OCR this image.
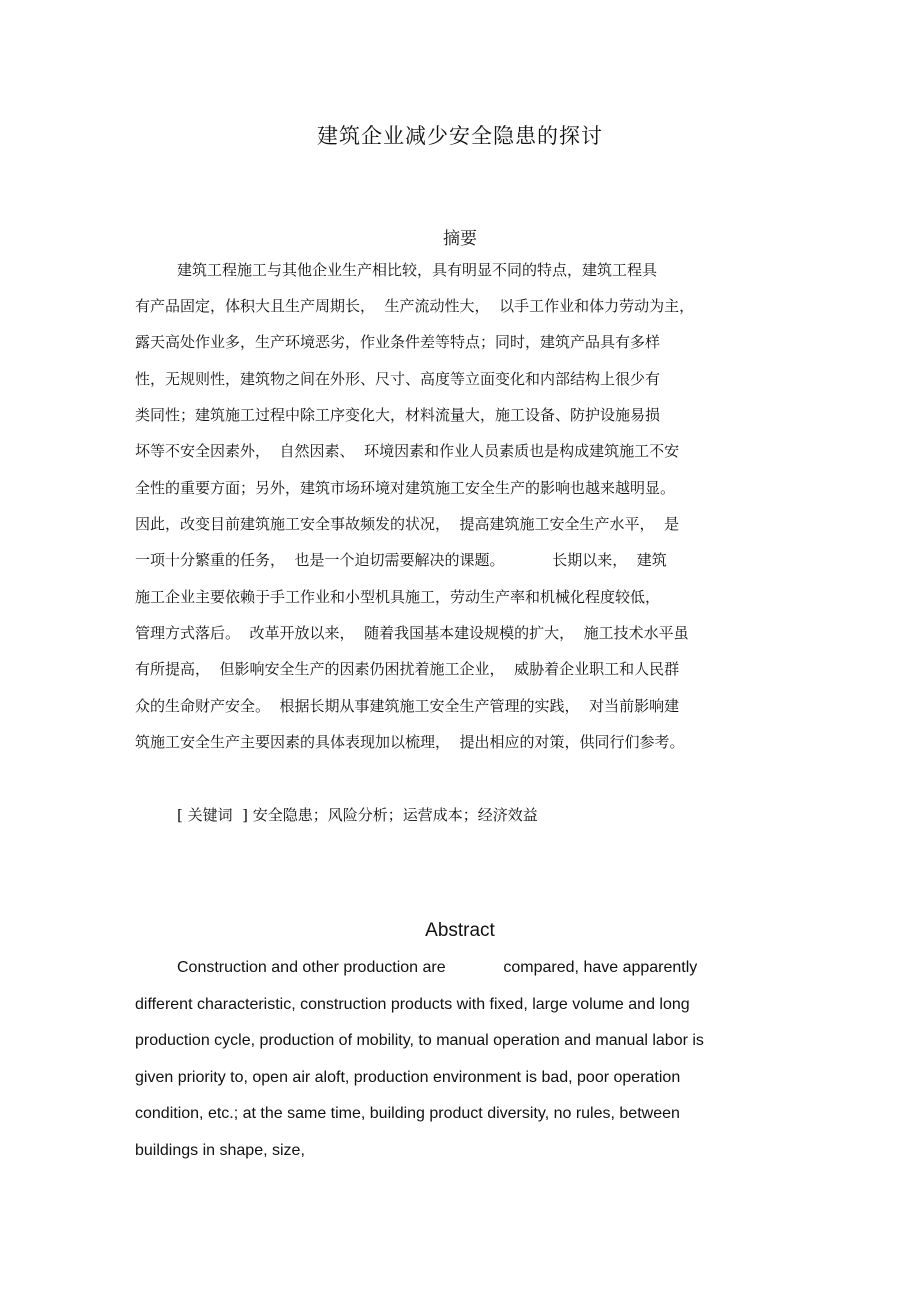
建筑企业减少安全隐患的探讨
摘要
建筑工程施工与其他企业生产相比较，具有明显不同的特点，建筑工程具
有产品固定，体积大且生产周期长，  生产流动性大，  以手工作业和体力劳动为主，
露天高处作业多，生产环境恶劣，作业条件差等特点；同时，建筑产品具有多样
性，无规则性，建筑物之间在外形、尺寸、高度等立面变化和内部结构上很少有
类同性；建筑施工过程中除工序变化大，材料流量大，施工设备、防护设施易损
坏等不安全因素外，  自然因素、  环境因素和作业人员素质也是构成建筑施工不安
全性的重要方面；另外，建筑市场环境对建筑施工安全生产的影响也越来越明显。
因此，改变目前建筑施工安全事故频发的状况，  提高建筑施工安全生产水平，  是
一项十分繁重的任务，  也是一个迫切需要解决的课题。          长期以来，  建筑
施工企业主要依赖于手工作业和小型机具施工，劳动生产率和机械化程度较低，
管理方式落后。  改革开放以来，  随着我国基本建设规模的扩大，  施工技术水平虽
有所提高，  但影响安全生产的因素仍困扰着施工企业，  威胁着企业职工和人民群
众的生命财产安全。  根据长期从事建筑施工安全生产管理的实践，  对当前影响建
筑施工安全生产主要因素的具体表现加以梳理，  提出相应的对策，供同行们参考。
[ 关键词  ] 安全隐患；风险分析；运营成本；经济效益
Abstract
Construction and other production are             compared, have apparently
different characteristic, construction products with fixed, large volume and long
production cycle, production of mobility, to manual operation and manual labor is
given priority to, open air aloft, production environment is bad, poor operation
condition, etc.; at the same time, building product diversity, no rules, between
buildings in shape, size,
